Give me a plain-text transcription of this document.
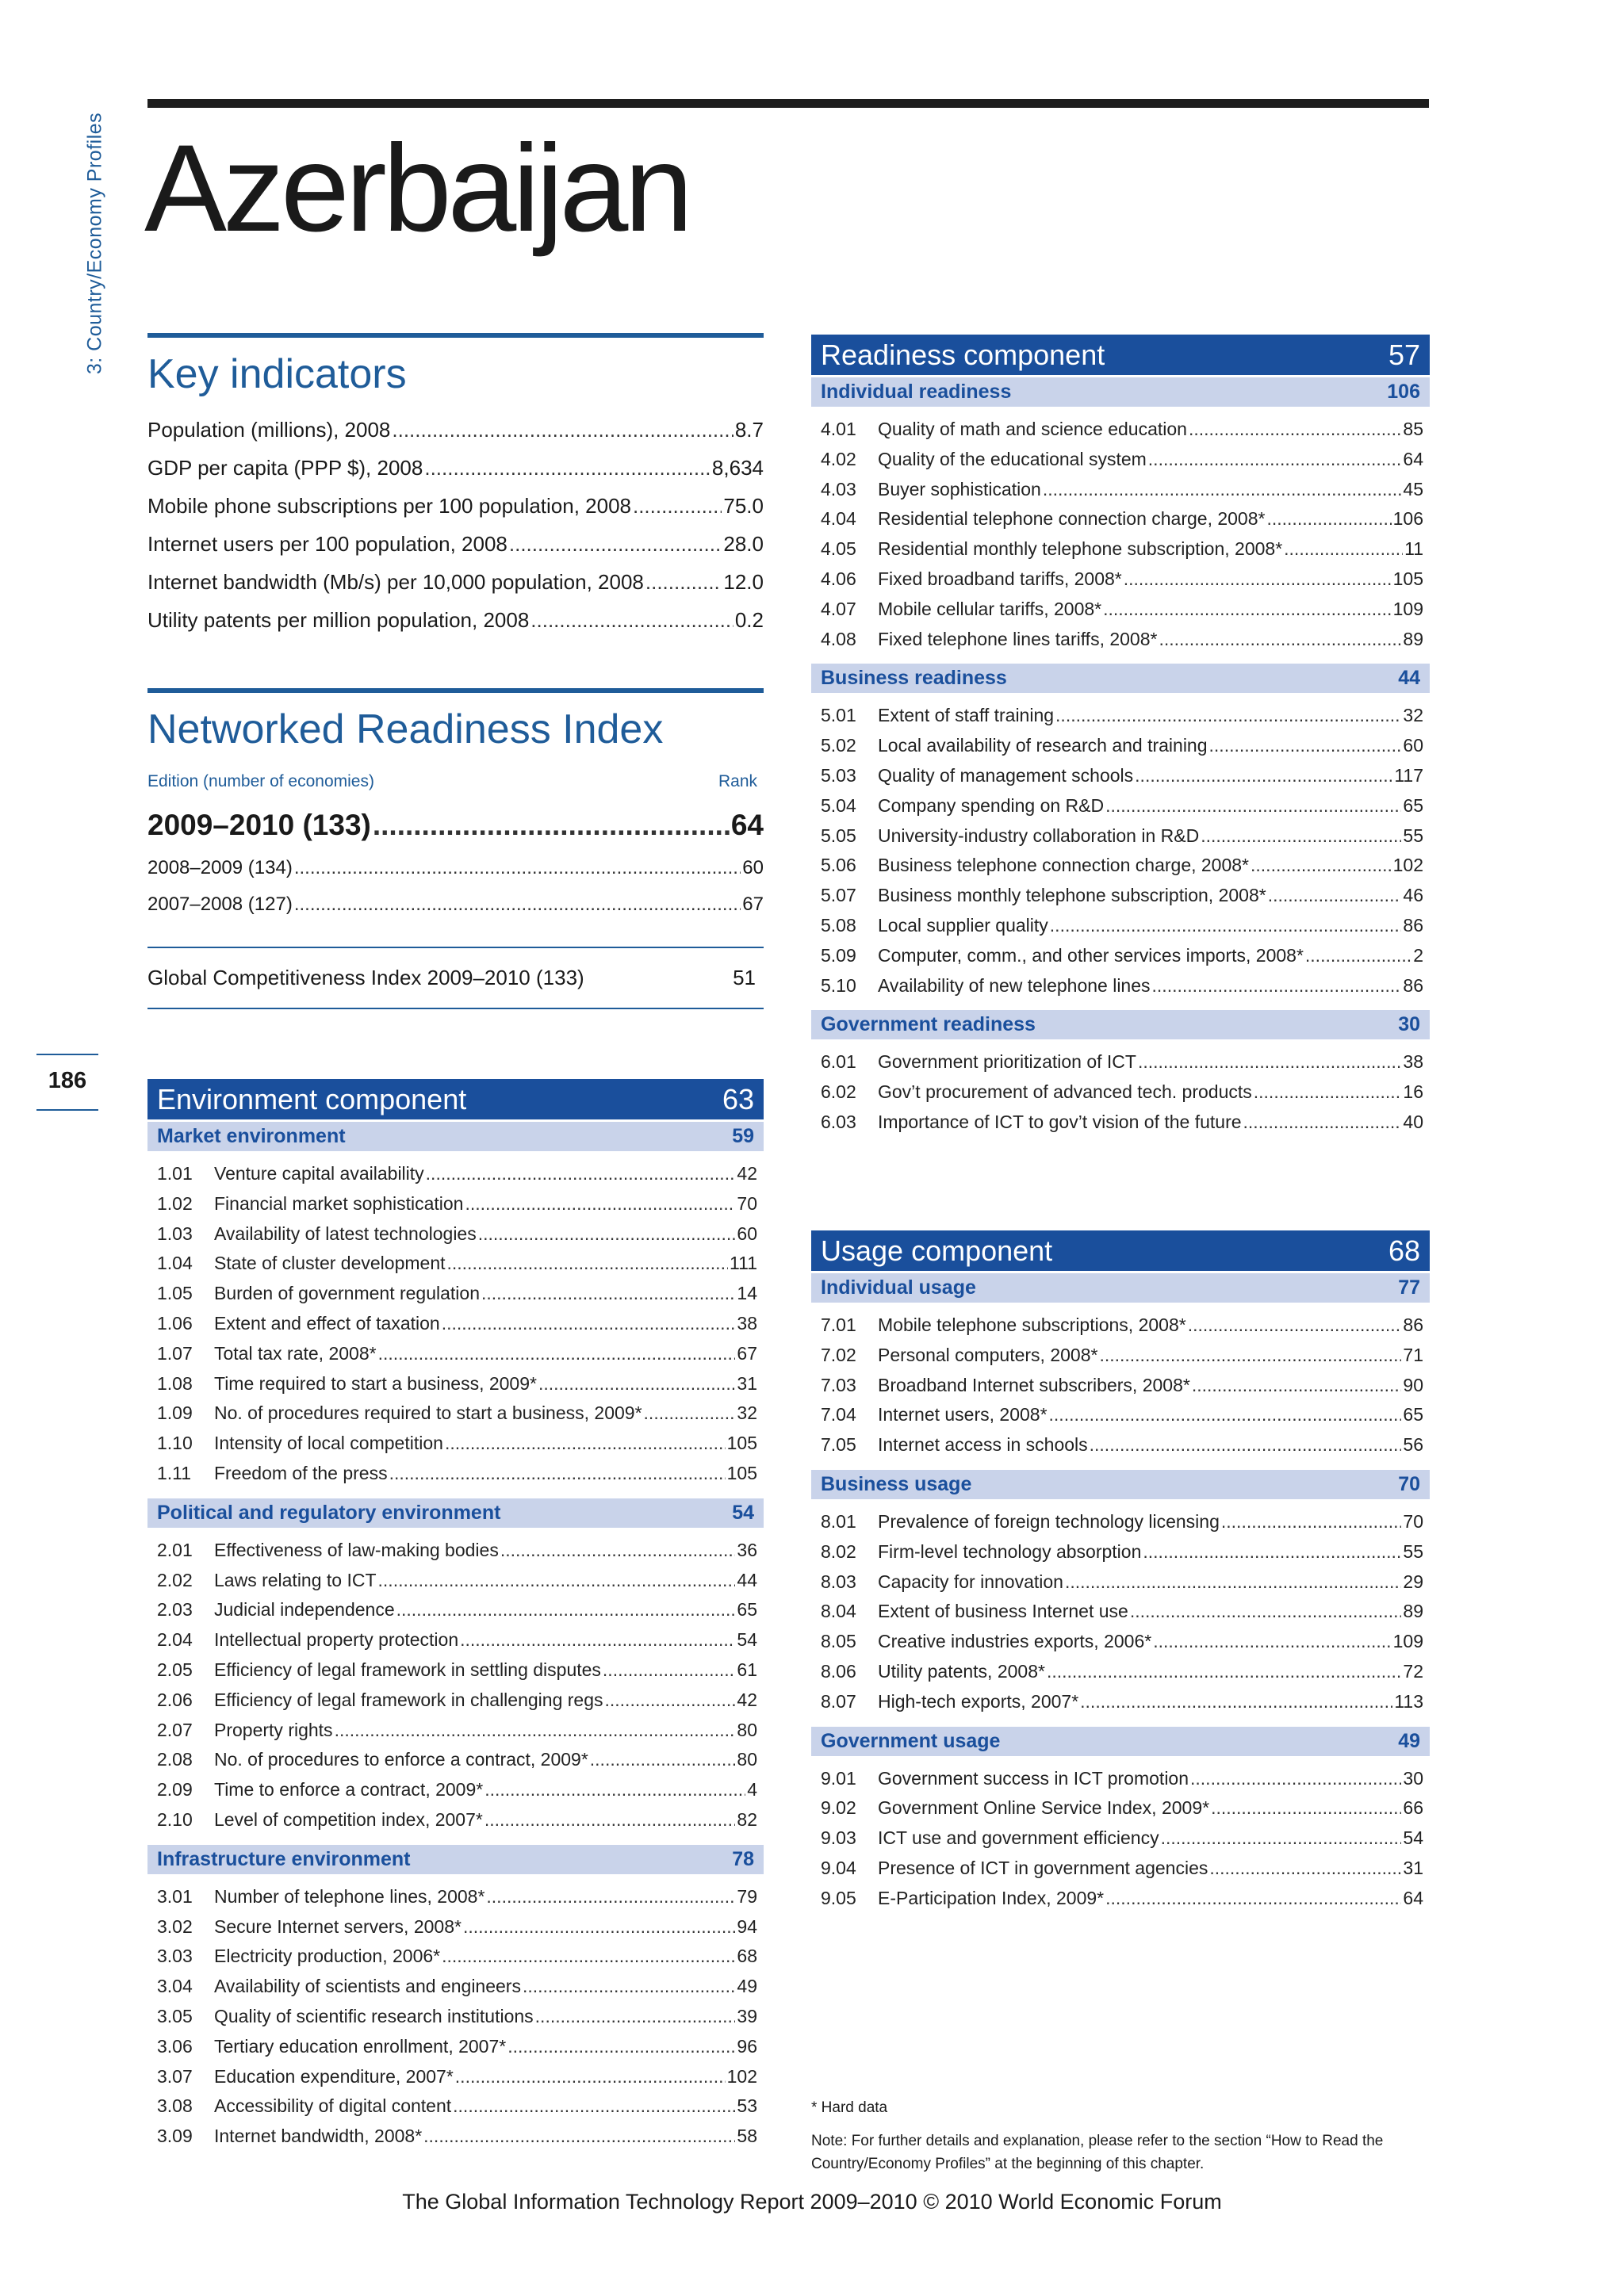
3: Country/Economy Profiles Azerbaijan
186
Key indicators
Population (millions), 2008 .....	8.7
GDP per capita (PPP $), 2008 .....	8,634
Mobile phone subscriptions per 100 population, 2008 .....	75.0
Internet users per 100 population, 2008 .....	28.0
Internet bandwidth (Mb/s) per 10,000 population, 2008 .....	12.0
Utility patents per million population, 2008 .....	0.2
Networked Readiness Index
Edition (number of economies)	Rank
2009–2010 (133) .....	64
2008–2009 (134) .....	60
2007–2008 (127) .....	67
Global Competitiveness Index 2009–2010 (133)	51
Environment component	63
Market environment	59
1.01	Venture capital availability .....	42
1.02	Financial market sophistication .....	70
1.03	Availability of latest technologies .....	60
1.04	State of cluster development .....	111
1.05	Burden of government regulation .....	14
1.06	Extent and effect of taxation .....	38
1.07	Total tax rate, 2008* .....	67
1.08	Time required to start a business, 2009* .....	31
1.09	No. of procedures required to start a business, 2009* .....	32
1.10	Intensity of local competition .....	105
1.11	Freedom of the press .....	105
Political and regulatory environment	54
2.01	Effectiveness of law-making bodies .....	36
2.02	Laws relating to ICT .....	44
2.03	Judicial independence .....	65
2.04	Intellectual property protection .....	54
2.05	Efficiency of legal framework in settling disputes .....	61
2.06	Efficiency of legal framework in challenging regs .....	42
2.07	Property rights .....	80
2.08	No. of procedures to enforce a contract, 2009* .....	80
2.09	Time to enforce a contract, 2009* .....	4
2.10	Level of competition index, 2007* .....	82
Infrastructure environment	78
3.01	Number of telephone lines, 2008* .....	79
3.02	Secure Internet servers, 2008* .....	94
3.03	Electricity production, 2006* .....	68
3.04	Availability of scientists and engineers .....	49
3.05	Quality of scientific research institutions .....	39
3.06	Tertiary education enrollment, 2007* .....	96
3.07	Education expenditure, 2007* .....	102
3.08	Accessibility of digital content .....	53
3.09	Internet bandwidth, 2008* .....	58
Readiness component	57
Individual readiness	106
4.01	Quality of math and science education .....	85
4.02	Quality of the educational system .....	64
4.03	Buyer sophistication .....	45
4.04	Residential telephone connection charge, 2008* .....	106
4.05	Residential monthly telephone subscription, 2008* .....	11
4.06	Fixed broadband tariffs, 2008* .....	105
4.07	Mobile cellular tariffs, 2008* .....	109
4.08	Fixed telephone lines tariffs, 2008* .....	89
Business readiness	44
5.01	Extent of staff training .....	32
5.02	Local availability of research and training .....	60
5.03	Quality of management schools .....	117
5.04	Company spending on R&D .....	65
5.05	University-industry collaboration in R&D .....	55
5.06	Business telephone connection charge, 2008* .....	102
5.07	Business monthly telephone subscription, 2008* .....	46
5.08	Local supplier quality .....	86
5.09	Computer, comm., and other services imports, 2008* .....	2
5.10	Availability of new telephone lines .....	86
Government readiness	30
6.01	Government prioritization of ICT .....	38
6.02	Gov’t procurement of advanced tech. products .....	16
6.03	Importance of ICT to gov’t vision of the future .....	40
Usage component	68
Individual usage	77
7.01	Mobile telephone subscriptions, 2008* .....	86
7.02	Personal computers, 2008* .....	71
7.03	Broadband Internet subscribers, 2008* .....	90
7.04	Internet users, 2008* .....	65
7.05	Internet access in schools .....	56
Business usage	70
8.01	Prevalence of foreign technology licensing .....	70
8.02	Firm-level technology absorption .....	55
8.03	Capacity for innovation .....	29
8.04	Extent of business Internet use .....	89
8.05	Creative industries exports, 2006* .....	109
8.06	Utility patents, 2008* .....	72
8.07	High-tech exports, 2007* .....	113
Government usage	49
9.01	Government success in ICT promotion .....	30
9.02	Government Online Service Index, 2009* .....	66
9.03	ICT use and government efficiency .....	54
9.04	Presence of ICT in government agencies .....	31
9.05	E-Participation Index, 2009* .....	64
* Hard data
Note: For further details and explanation, please refer to the section “How to Read the Country/Economy Profiles” at the beginning of this chapter.
The Global Information Technology Report 2009–2010 © 2010 World Economic Forum
